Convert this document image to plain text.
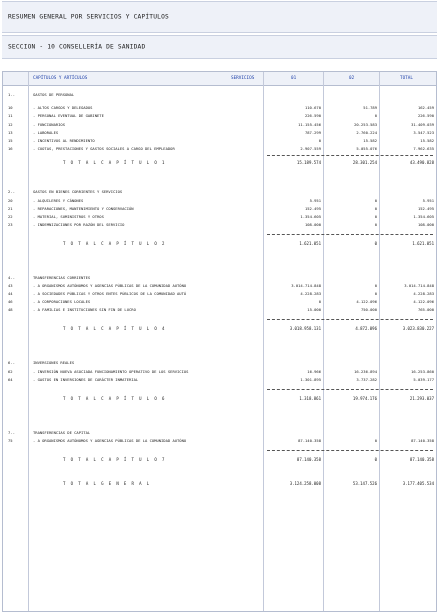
RESUMEN GENERAL POR SERVICIOS Y CAPÍTULOS
SECCION - 10 CONSELLERÍA DE SANIDAD
CAPÍTULOS Y ARTÍCULOS	SERVICIOS	01	02	TOTAL
1.-	GASTOS DE PERSONAL
10	- ALTOS CARGOS Y DELEGADOS	110.670	51.789	162.459
11	- PERSONAL EVENTUAL DE GABINETE	226.590	0	226.590
12	- FUNCIONARIOS	11.155.456	20.253.583	31.409.039
13	- LABORALES	787.299	2.760.224	3.547.523
15	- INCENTIVOS AL RENDIMIENTO	0	15.582	15.582
16	- CUOTAS, PRESTACIONES Y GASTOS SOCIALES A CARGO DEL EMPLEADOR	2.907.559	5.055.076	7.962.635
T O T A L C A P Í T U L O 1	15.189.574	28.301.254	43.490.828
2.-	GASTOS EN BIENES CORRIENTES Y SERVICIOS
20	- ALQUILERES Y CÁNONES	5.951	0	5.951
21	- REPARACIONES, MANTENIMIENTO Y CONSERVACIÓN	152.495	0	152.495
22	- MATERIAL, SUMINISTROS Y OTROS	1.354.605	0	1.354.605
23	- INDEMNIZACIONES POR RAZÓN DEL SERVICIO	108.000	0	108.000
T O T A L C A P Í T U L O 2	1.621.051	0	1.621.051
4.-	TRANSFERENCIAS CORRIENTES
43	- A ORGANISMOS AUTÓNOMOS Y AGENCIAS PÚBLICAS DE LA COMUNIDAD AUTÓNO	3.014.714.848	0	3.014.714.848
44	- A SOCIEDADES PÚBLICAS Y OTROS ENTES PÚBLICOS DE LA COMUNIDAD AUTÓ	4.228.283	0	4.228.283
46	- A CORPORACIONES LOCALES	0	4.122.096	4.122.096
48	- A FAMILIAS E INSTITUCIONES SIN FIN DE LUCRO	15.000	750.000	765.000
T O T A L C A P Í T U L O 4	3.018.958.131	4.872.096	3.023.830.227
6.-	INVERSIONES REALES
62	- INVERSIÓN NUEVA ASOCIADA FUNCIONAMIENTO OPERATIVO DE LOS SERVICIOS	16.966	16.236.894	16.253.860
64	- GASTOS EN INVERSIONES DE CARÁCTER INMATERIAL	1.301.895	3.737.282	5.039.177
T O T A L C A P Í T U L O 6	1.318.861	19.974.176	21.293.037
7.-	TRANSFERENCIAS DE CAPITAL
75	- A ORGANISMOS AUTÓNOMOS Y AGENCIAS PÚBLICAS DE LA COMUNIDAD AUTÓNO	87.140.358	0	87.140.358
T O T A L C A P Í T U L O 7	87.140.358	0	87.140.358
T O T A L G E N E R A L	3.124.258.008	53.147.526	3.177.405.534
